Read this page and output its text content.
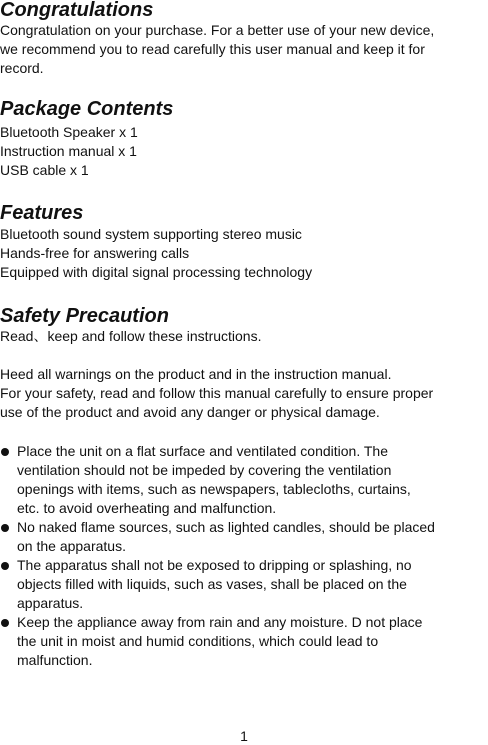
Congratulations

Congratulation on your purchase. For a better use of your new device,

we recommend you to read carefully this user manual and keep it for

record.

Package Contents

Bluetooth Speaker x 1

Instruction manual x 1

USB cable x 1

Features

Bluetooth sound system supporting stereo music

Hands-free for answering calls

Equipped with digital signal processing technology

Safety Precaution

Read、keep and follow these instructions.

Heed all warnings on the product and in the instruction manual.

For your safety, read and follow this manual carefully to ensure proper

use of the product and avoid any danger or physical damage.

Place the unit on a flat surface and ventilated condition. The

ventilation should not be impeded by covering the ventilation

openings with items, such as newspapers, tablecloths, curtains,

etc. to avoid overheating and malfunction.

No naked flame sources, such as lighted candles, should be placed

on the apparatus.

The apparatus shall not be exposed to dripping or splashing, no

objects filled with liquids, such as vases, shall be placed on the

apparatus.

Keep the appliance away from rain and any moisture. D not place

the unit in moist and humid conditions, which could lead to

malfunction.

1
